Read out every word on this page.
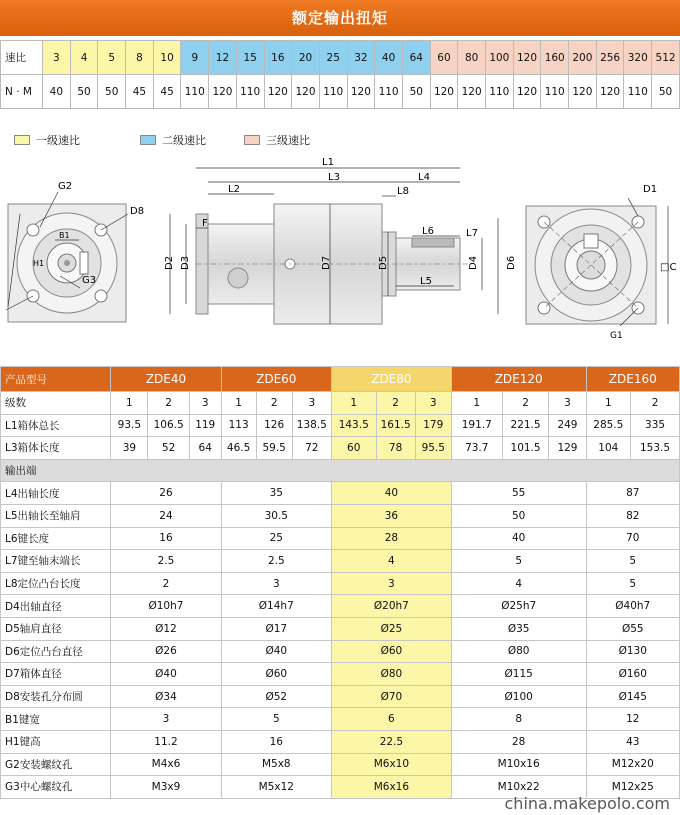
额定输出扭矩
速比	3	4	5	8	10	9	12	15	16	20	25	32	40	64	60	80	100	120	160	200	256	320	512
N · M	40	50	50	45	45	110	120	110	120	120	110	120	110	50	120	120	110	120	110	120	120	110	50
一级速比	二级速比	三级速比
G2
D8
B1
H1
G3
L1
L2
L3	L4
L8
F
D2 D3	D7	D5
L6	L7
D4
L5
D6
D1
□C
G1
产品型号	ZDE40			ZDE60			ZDE80			ZDE120			ZDE160	
级数	1	2	3	1	2	3	1	2	3	1	2	3	1	2
L1箱体总长	93.5	106.5	119	113	126	138.5	143.5	161.5	179	191.7	221.5	249	285.5	335
L3箱体长度	39	52	64	46.5	59.5	72	60	78	95.5	73.7	101.5	129	104	153.5
输出端														
L4出轴长度	26			35			40			55			87	
L5出轴长至轴肩	24			30.5			36			50			82	
L6键长度	16			25			28			40			70	
L7键至轴末端长	2.5			2.5			4			5			5	
L8定位凸台长度	2			3			3			4			5	
D4出轴直径	Ø10h7			Ø14h7			Ø20h7			Ø25h7			Ø40h7	
D5轴肩直径	Ø12			Ø17			Ø25			Ø35			Ø55	
D6定位凸台直径	Ø26			Ø40			Ø60			Ø80			Ø130	
D7箱体直径	Ø40			Ø60			Ø80			Ø115			Ø160	
D8安装孔分布圆	Ø34			Ø52			Ø70			Ø100			Ø145	
B1键宽	3			5			6			8			12	
H1键高	11.2			16			22.5			28			43	
G2安装螺纹孔	M4x6			M5x8			M6x10			M10x16			M12x20	
G3中心螺纹孔	M3x9			M5x12			M6x16			M10x22			M12x25	
china.makepolo.com
